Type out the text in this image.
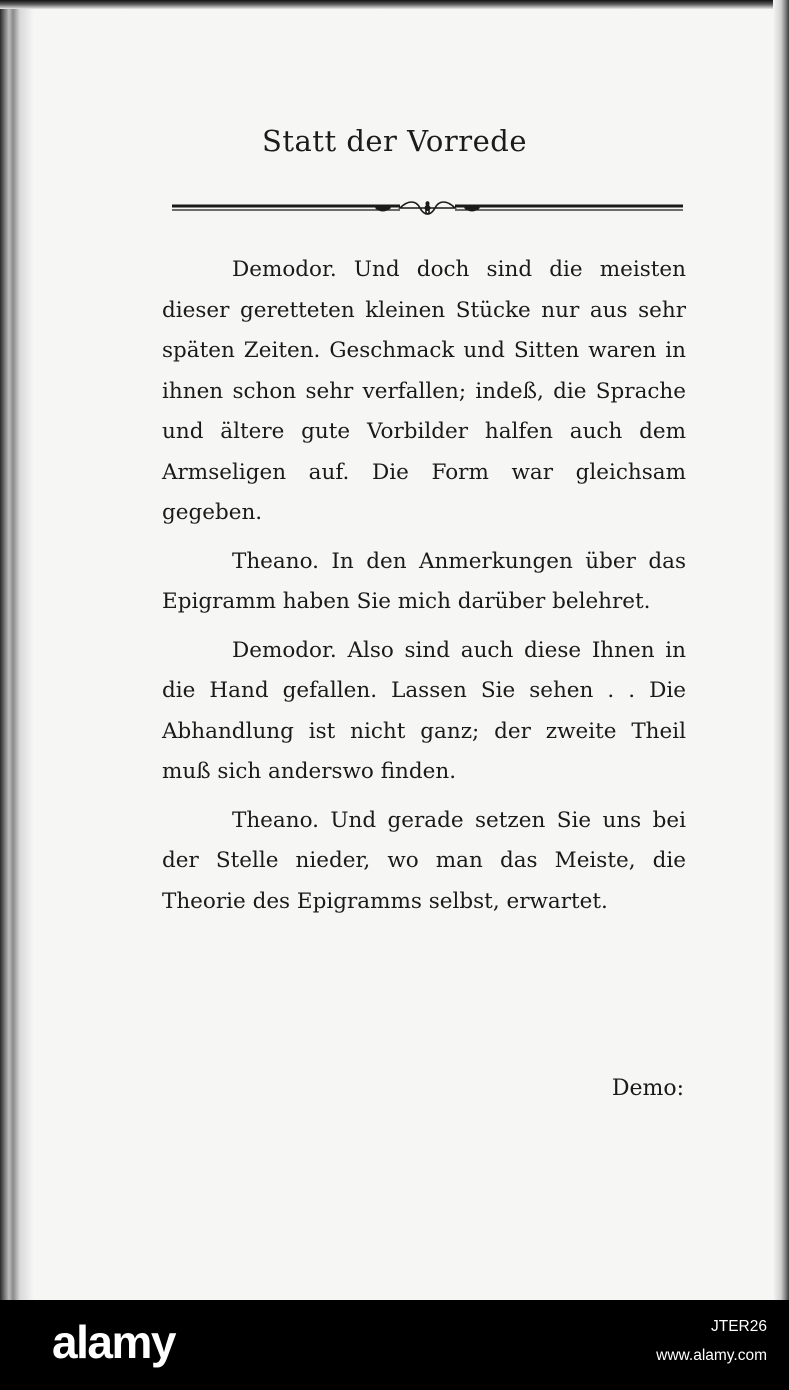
Statt der Vorrede

Demodor. Und doch sind die meisten dieser geretteten kleinen Stücke nur aus sehr späten Zeiten. Geschmack und Sitten waren in ihnen schon sehr verfallen; indeß, die Sprache und ältere gute Vorbilder halfen auch dem Armseligen auf. Die Form war gleichsam gegeben.

Theano. In den Anmerkungen über das Epigramm haben Sie mich darüber belehret.

Demodor. Also sind auch diese Ihnen in die Hand gefallen. Lassen Sie sehen . . Die Abhandlung ist nicht ganz; der zweite Theil muß sich anderswo finden.

Theano. Und gerade setzen Sie uns bei der Stelle nieder, wo man das Meiste, die Theorie des Epigramms selbst, erwartet.

Demo:
alamy	JTER26
www.alamy.com
